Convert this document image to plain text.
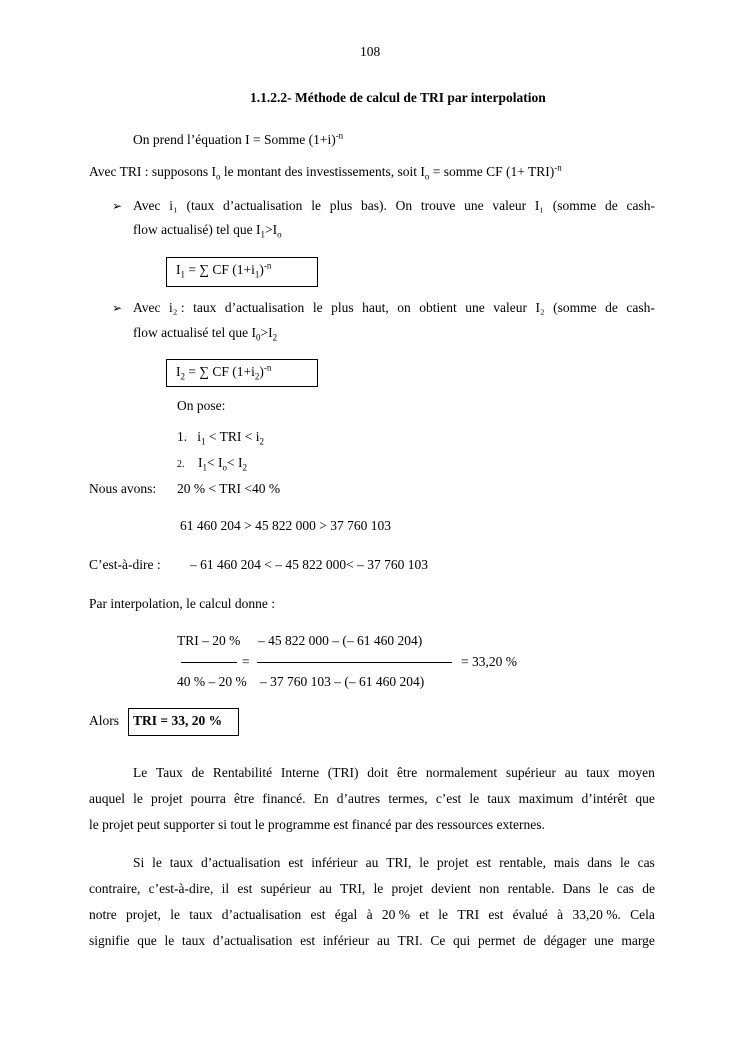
108
1.1.2.2- Méthode de calcul de TRI par interpolation
On prend l’équation I = Somme $(1+i)^{-n}$
Avec TRI : supposons $I_o$ le montant des investissements, soit $I_o$ = somme CF (1+ TRI)$^{-n}$
➢ Avec i₁ (taux d’actualisation le plus bas). On trouve une valeur I₁ (somme de cash-
flow actualisé) tel que $I_1>I_o$
$I_1$ = ∑ CF $(1+i_1)^{-n}$
➢ Avec i₂ : taux d’actualisation le plus haut, on obtient une valeur I₂ (somme de cash-
flow actualisé tel que $I_0>I_2$
$I_2$ = ∑ CF $(1+i_2)^{-n}$
On pose:
1. $i_1$ < TRI < $i_2$
2. $I_1< I_o< I_2$
Nous avons: 20 % < TRI <40 %
61 460 204 > 45 822 000 > 37 760 103
C’est-à-dire : – 61 460 204 < – 45 822 000< – 37 760 103
Par interpolation, le calcul donne :
TRI – 20 % – 45 822 000 – (– 61 460 204)
=	= 33,20 %
40 % – 20 % – 37 760 103 – (– 61 460 204)
Alors TRI = 33, 20 %
Le Taux de Rentabilité Interne (TRI) doit être normalement supérieur au taux moyen
auquel le projet pourra être financé. En d’autres termes, c’est le taux maximum d’intérêt que
le projet peut supporter si tout le programme est financé par des ressources externes.
Si le taux d’actualisation est inférieur au TRI, le projet est rentable, mais dans le cas
contraire, c’est-à-dire, il est supérieur au TRI, le projet devient non rentable. Dans le cas de
notre projet, le taux d’actualisation est égal à 20 % et le TRI est évalué à 33,20 %. Cela
signifie que le taux d’actualisation est inférieur au TRI. Ce qui permet de dégager une marge
